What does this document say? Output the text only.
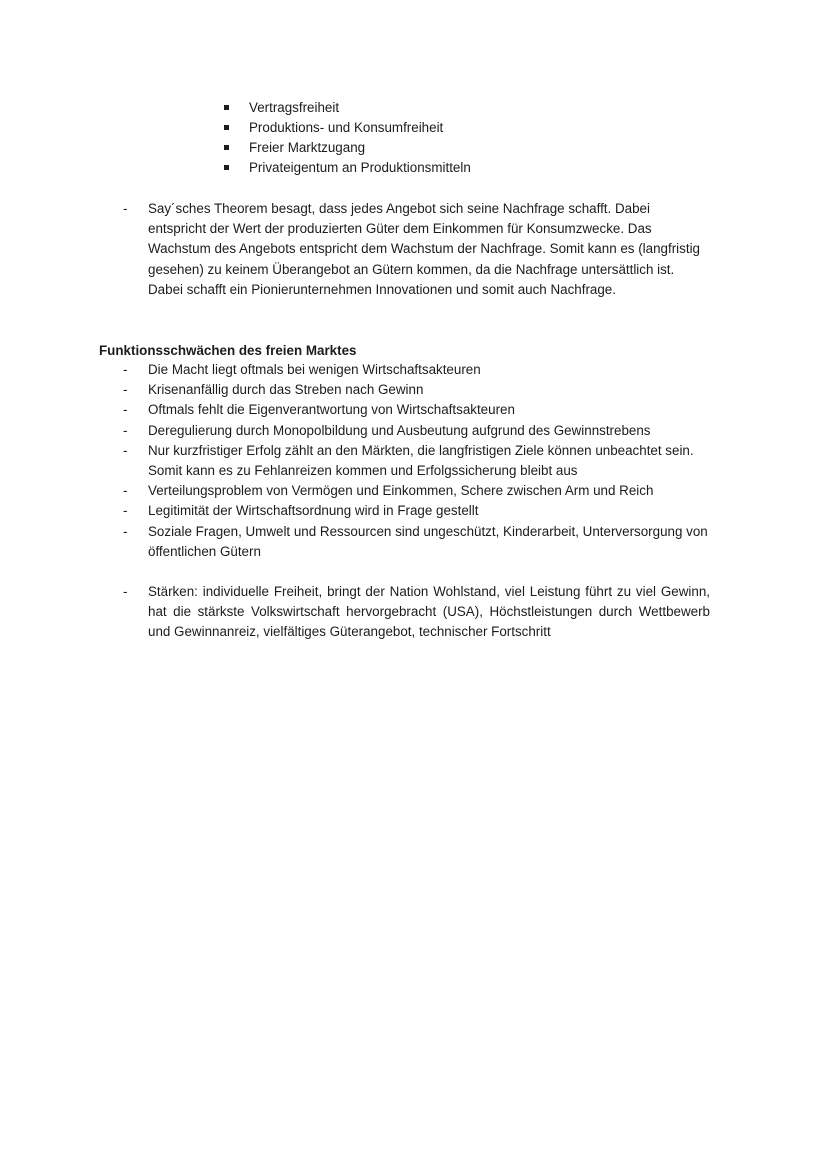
Vertragsfreiheit
Produktions- und Konsumfreiheit
Freier Marktzugang
Privateigentum an Produktionsmitteln
- Say´sches Theorem besagt, dass jedes Angebot sich seine Nachfrage schafft. Dabei entspricht der Wert der produzierten Güter dem Einkommen für Konsumzwecke. Das Wachstum des Angebots entspricht dem Wachstum der Nachfrage. Somit kann es (langfristig gesehen) zu keinem Überangebot an Gütern kommen, da die Nachfrage untersättlich ist. Dabei schafft ein Pionierunternehmen Innovationen und somit auch Nachfrage.
Funktionsschwächen des freien Marktes
- Die Macht liegt oftmals bei wenigen Wirtschaftsakteuren
- Krisenanfällig durch das Streben nach Gewinn
- Oftmals fehlt die Eigenverantwortung von Wirtschaftsakteuren
- Deregulierung durch Monopolbildung und Ausbeutung aufgrund des Gewinnstrebens
- Nur kurzfristiger Erfolg zählt an den Märkten, die langfristigen Ziele können unbeachtet sein. Somit kann es zu Fehlanreizen kommen und Erfolgssicherung bleibt aus
- Verteilungsproblem von Vermögen und Einkommen, Schere zwischen Arm und Reich
- Legitimität der Wirtschaftsordnung wird in Frage gestellt
- Soziale Fragen, Umwelt und Ressourcen sind ungeschützt, Kinderarbeit, Unterversorgung von öffentlichen Gütern
- Stärken: individuelle Freiheit, bringt der Nation Wohlstand, viel Leistung führt zu viel Gewinn, hat die stärkste Volkswirtschaft hervorgebracht (USA), Höchstleistungen durch Wettbewerb und Gewinnanreiz, vielfältiges Güterangebot, technischer Fortschritt
